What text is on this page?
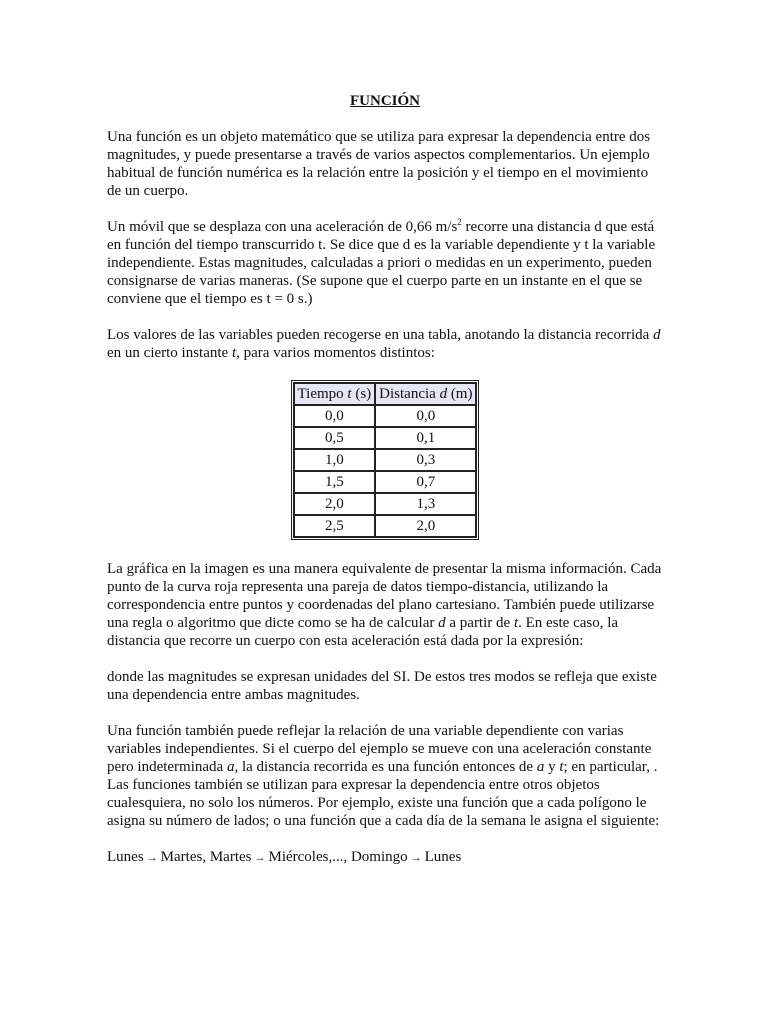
FUNCIÓN

Una función es un objeto matemático que se utiliza para expresar la dependencia entre dos magnitudes, y puede presentarse a través de varios aspectos complementarios. Un ejemplo habitual de función numérica es la relación entre la posición y el tiempo en el movimiento de un cuerpo.

Un móvil que se desplaza con una aceleración de 0,66 $m/s^2$ recorre una distancia d que está en función del tiempo transcurrido t. Se dice que d es la variable dependiente y t la variable independiente. Estas magnitudes, calculadas a priori o medidas en un experimento, pueden consignarse de varias maneras. (Se supone que el cuerpo parte en un instante en el que se conviene que el tiempo es t = 0 s.)

Los valores de las variables pueden recogerse en una tabla, anotando la distancia recorrida d en un cierto instante t, para varios momentos distintos:

Tiempo t (s)	Distancia d (m)
0,0	0,0
0,5	0,1
1,0	0,3
1,5	0,7
2,0	1,3
2,5	2,0

La gráfica en la imagen es una manera equivalente de presentar la misma información. Cada punto de la curva roja representa una pareja de datos tiempo-distancia, utilizando la correspondencia entre puntos y coordenadas del plano cartesiano. También puede utilizarse una regla o algoritmo que dicte como se ha de calcular d a partir de t. En este caso, la distancia que recorre un cuerpo con esta aceleración está dada por la expresión:

donde las magnitudes se expresan unidades del SI. De estos tres modos se refleja que existe una dependencia entre ambas magnitudes.

Una función también puede reflejar la relación de una variable dependiente con varias variables independientes. Si el cuerpo del ejemplo se mueve con una aceleración constante pero indeterminada a, la distancia recorrida es una función entonces de a y t; en particular, . Las funciones también se utilizan para expresar la dependencia entre otros objetos cualesquiera, no solo los números. Por ejemplo, existe una función que a cada polígono le asigna su número de lados; o una función que a cada día de la semana le asigna el siguiente:

Lunes → Martes, Martes → Miércoles,..., Domingo → Lunes
